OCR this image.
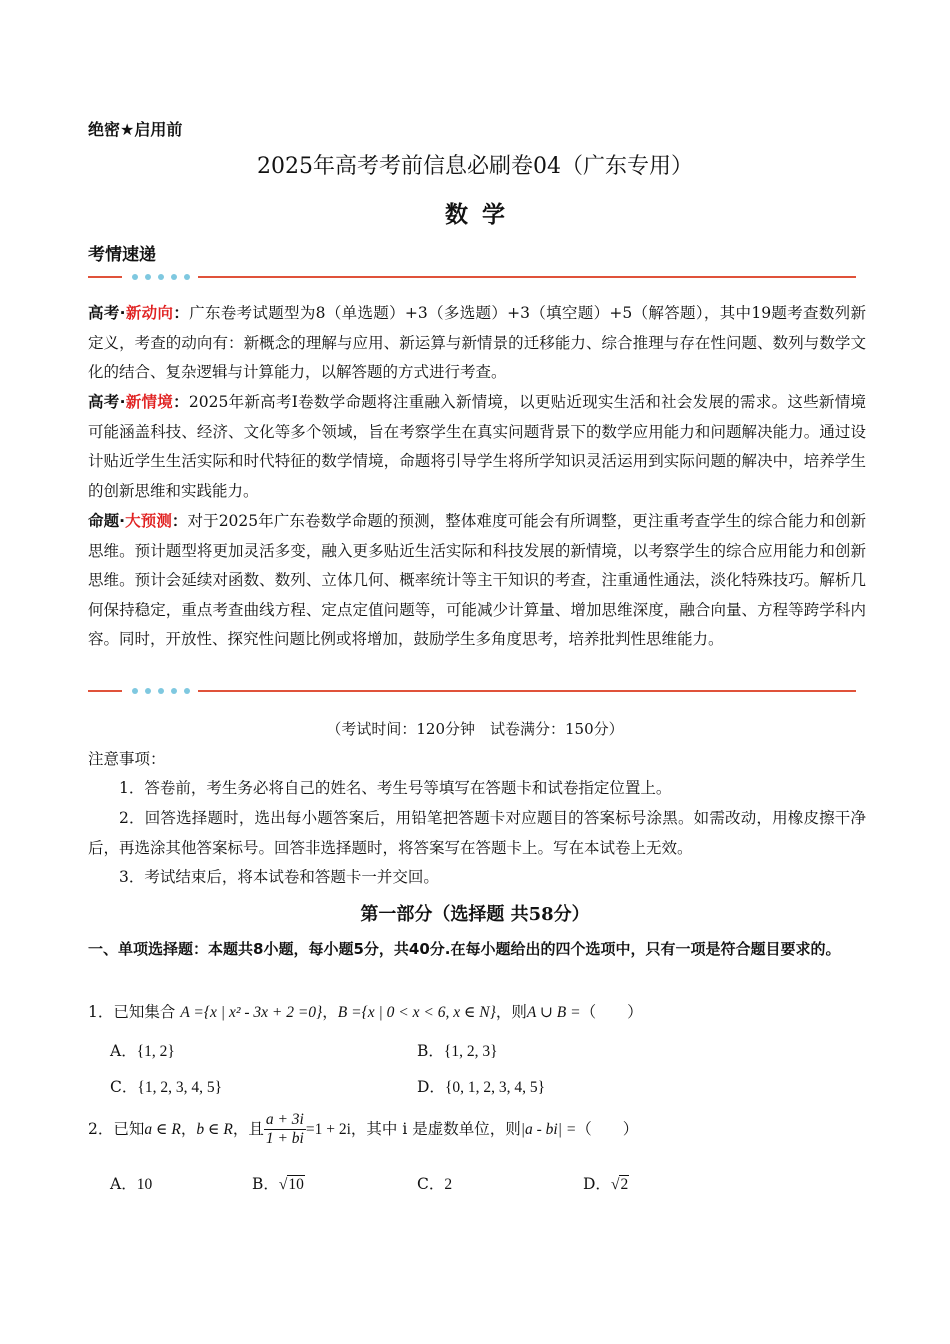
绝密★启用前
2025年高考考前信息必刷卷04（广东专用）
数学
考情速递
高考·新动向：广东卷考试题型为8（单选题）+3（多选题）+3（填空题）+5（解答题），其中19题考查数列新定义，考查的动向有：新概念的理解与应用、新运算与新情景的迁移能力、综合推理与存在性问题、数列与数学文化的结合、复杂逻辑与计算能力，以解答题的方式进行考查。
高考·新情境：2025年新高考I卷数学命题将注重融入新情境，以更贴近现实生活和社会发展的需求。这些新情境可能涵盖科技、经济、文化等多个领域，旨在考察学生在真实问题背景下的数学应用能力和问题解决能力。通过设计贴近学生生活实际和时代特征的数学情境，命题将引导学生将所学知识灵活运用到实际问题的解决中，培养学生的创新思维和实践能力。
命题·大预测：对于2025年广东卷数学命题的预测，整体难度可能会有所调整，更注重考查学生的综合能力和创新思维。预计题型将更加灵活多变，融入更多贴近生活实际和科技发展的新情境，以考察学生的综合应用能力和创新思维。预计会延续对函数、数列、立体几何、概率统计等主干知识的考查，注重通性通法，淡化特殊技巧。解析几何保持稳定，重点考查曲线方程、定点定值问题等，可能减少计算量、增加思维深度，融合向量、方程等跨学科内容。同时，开放性、探究性问题比例或将增加，鼓励学生多角度思考，培养批判性思维能力。
（考试时间：120分钟　试卷满分：150分）
注意事项：
1．答卷前，考生务必将自己的姓名、考生号等填写在答题卡和试卷指定位置上。
2．回答选择题时，选出每小题答案后，用铅笔把答题卡对应题目的答案标号涂黑。如需改动，用橡皮擦干净后，再选涂其他答案标号。回答非选择题时，将答案写在答题卡上。写在本试卷上无效。
3．考试结束后，将本试卷和答题卡一并交回。
第一部分（选择题 共58分）
一、单项选择题：本题共8小题，每小题5分，共40分.在每小题给出的四个选项中，只有一项是符合题目要求的。
1．已知集合 A ={x | x² - 3x + 2 =0}，B ={x | 0 < x < 6, x ∈ N}，则A ∪ B =（　　）
A．{1, 2}	B．{1, 2, 3}
C．{1, 2, 3, 4, 5}	D．{0, 1, 2, 3, 4, 5}
2．已知a ∈ R，b ∈ R，且 $\frac{a + 3i}{1 + bi} =1 + 2i$，其中 i 是虚数单位，则|a - bi| =（　　）
A．10	B．√10	C．2	D．√2
